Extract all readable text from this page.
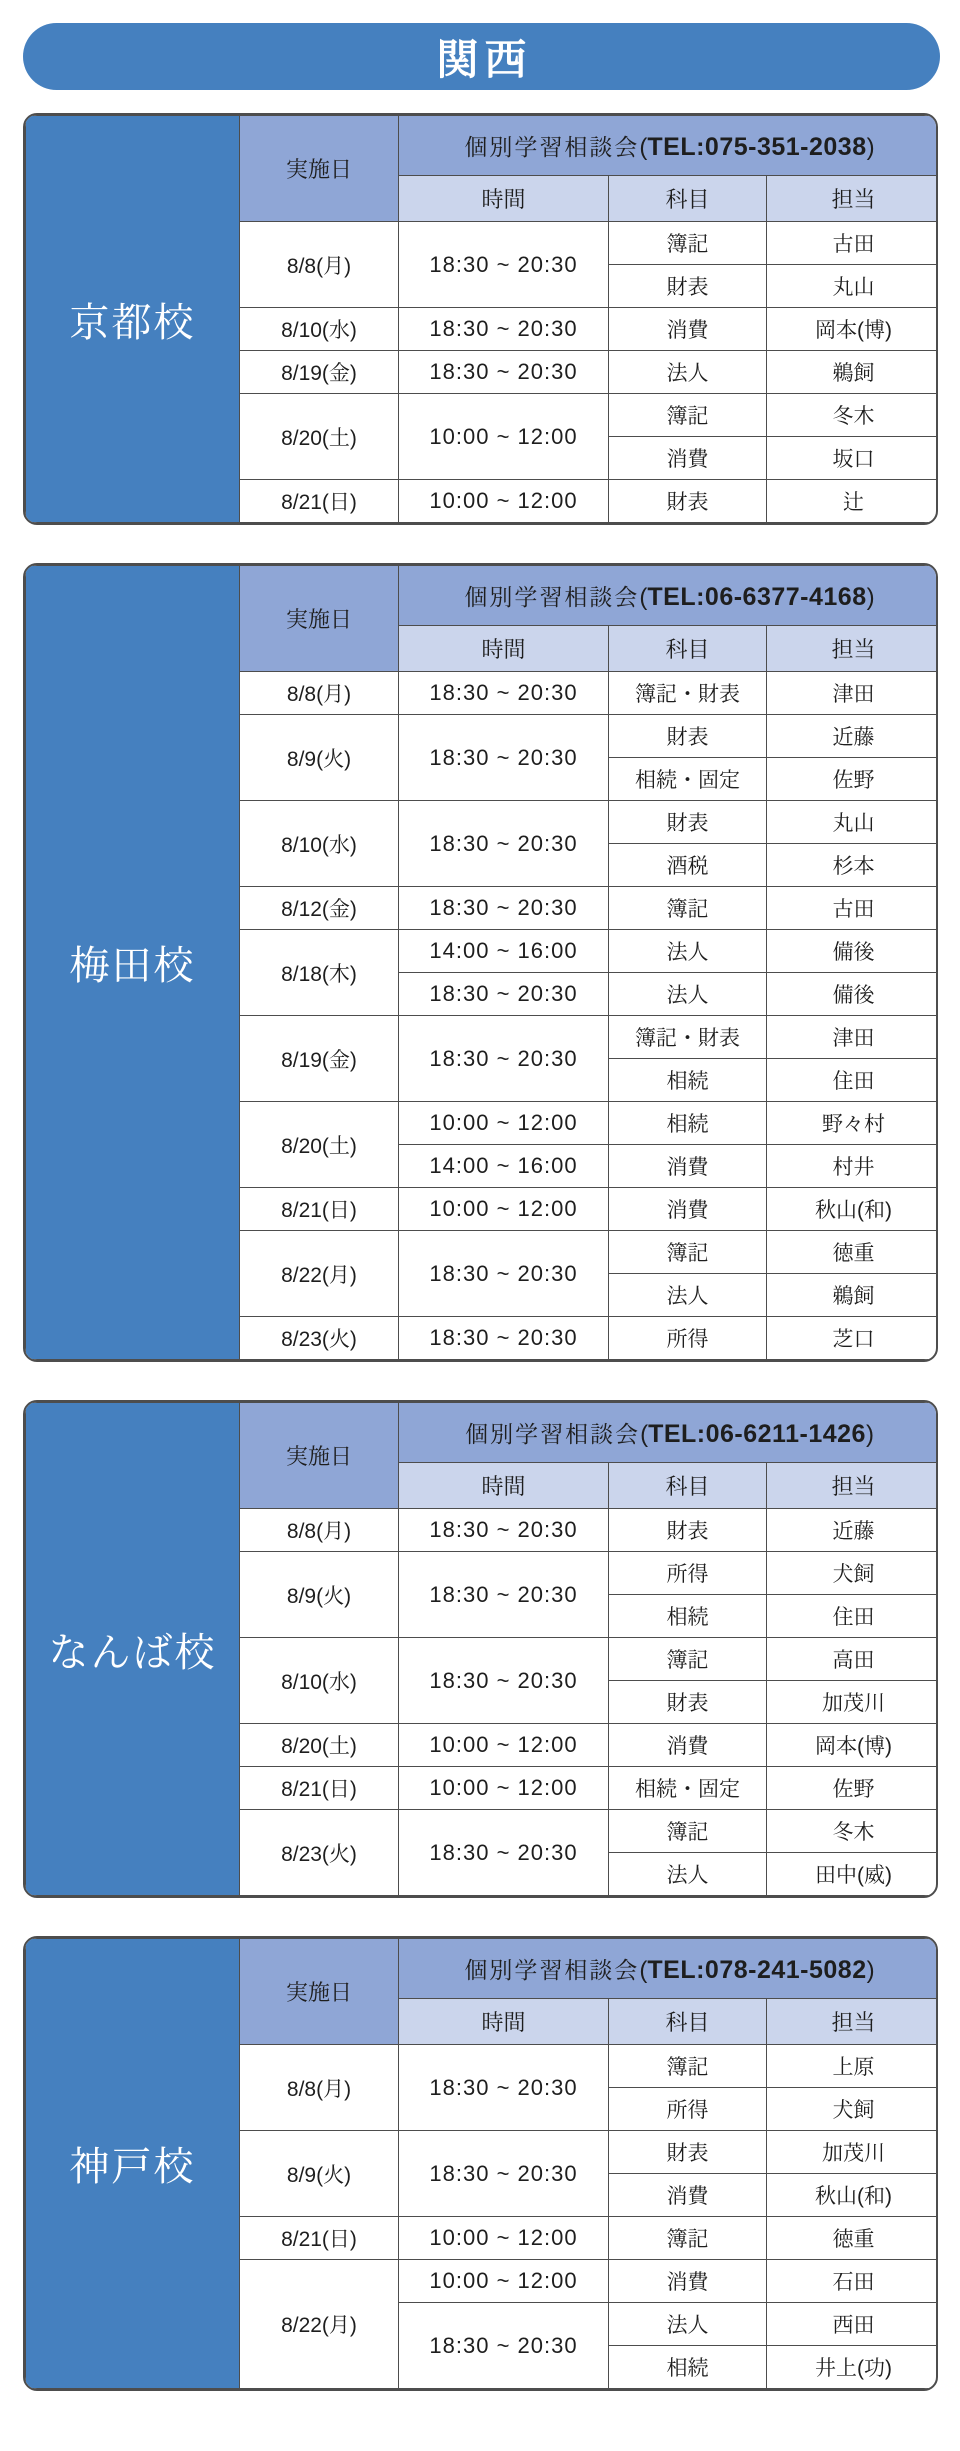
関西
京都校	実施日	個別学習相談会(TEL:075-351-2038)		
		時間	科目	担当
	8/8(月)	18:30 ~ 20:30	簿記	古田
			財表	丸山
	8/10(水)	18:30 ~ 20:30	消費	岡本(博)
	8/19(金)	18:30 ~ 20:30	法人	鵜飼
	8/20(土)	10:00 ~ 12:00	簿記	冬木
			消費	坂口
	8/21(日)	10:00 ~ 12:00	財表	辻
梅田校	実施日	個別学習相談会(TEL:06-6377-4168)		
		時間	科目	担当
	8/8(月)	18:30 ~ 20:30	簿記・財表	津田
	8/9(火)	18:30 ~ 20:30	財表	近藤
			相続・固定	佐野
	8/10(水)	18:30 ~ 20:30	財表	丸山
			酒税	杉本
	8/12(金)	18:30 ~ 20:30	簿記	古田
	8/18(木)	14:00 ~ 16:00	法人	備後
		18:30 ~ 20:30	法人	備後
	8/19(金)	18:30 ~ 20:30	簿記・財表	津田
			相続	住田
	8/20(土)	10:00 ~ 12:00	相続	野々村
		14:00 ~ 16:00	消費	村井
	8/21(日)	10:00 ~ 12:00	消費	秋山(和)
	8/22(月)	18:30 ~ 20:30	簿記	徳重
			法人	鵜飼
	8/23(火)	18:30 ~ 20:30	所得	芝口
なんば校	実施日	個別学習相談会(TEL:06-6211-1426)		
		時間	科目	担当
	8/8(月)	18:30 ~ 20:30	財表	近藤
	8/9(火)	18:30 ~ 20:30	所得	犬飼
			相続	住田
	8/10(水)	18:30 ~ 20:30	簿記	高田
			財表	加茂川
	8/20(土)	10:00 ~ 12:00	消費	岡本(博)
	8/21(日)	10:00 ~ 12:00	相続・固定	佐野
	8/23(火)	18:30 ~ 20:30	簿記	冬木
			法人	田中(威)
神戸校	実施日	個別学習相談会(TEL:078-241-5082)		
		時間	科目	担当
	8/8(月)	18:30 ~ 20:30	簿記	上原
			所得	犬飼
	8/9(火)	18:30 ~ 20:30	財表	加茂川
			消費	秋山(和)
	8/21(日)	10:00 ~ 12:00	簿記	徳重
	8/22(月)	10:00 ~ 12:00	消費	石田
		18:30 ~ 20:30	法人	西田
			相続	井上(功)
